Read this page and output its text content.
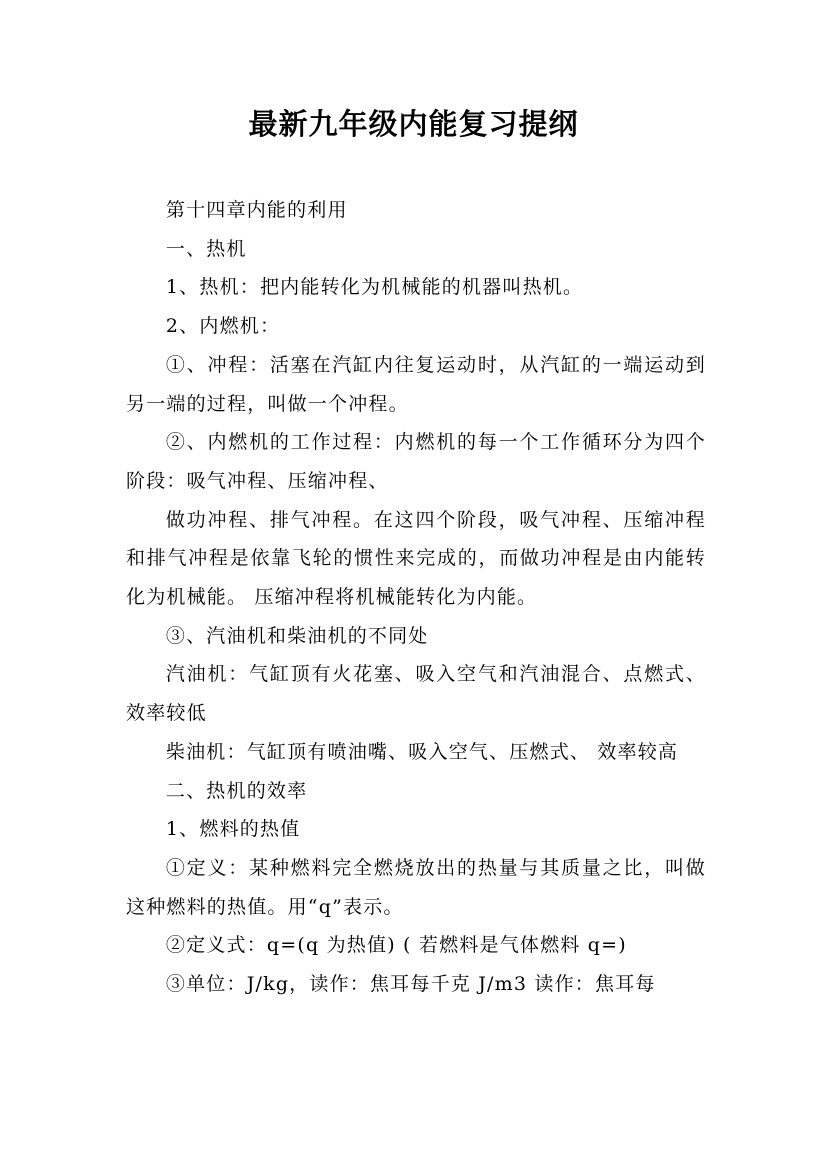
最新九年级内能复习提纲

第十四章内能的利用

一、热机

1、热机：把内能转化为机械能的机器叫热机。

2、内燃机：

①、冲程：活塞在汽缸内往复运动时，从汽缸的一端运动到另一端的过程，叫做一个冲程。

②、内燃机的工作过程：内燃机的每一个工作循环分为四个阶段：吸气冲程、压缩冲程、

做功冲程、排气冲程。在这四个阶段，吸气冲程、压缩冲程和排气冲程是依靠飞轮的惯性来完成的，而做功冲程是由内能转化为机械能。 压缩冲程将机械能转化为内能。

③、汽油机和柴油机的不同处

汽油机：气缸顶有火花塞、吸入空气和汽油混合、点燃式、效率较低

柴油机：气缸顶有喷油嘴、吸入空气、压燃式、 效率较高

二、热机的效率

1、燃料的热值

①定义：某种燃料完全燃烧放出的热量与其质量之比，叫做这种燃料的热值。用“q”表示。

②定义式：q=(q 为热值) ( 若燃料是气体燃料 q=)

③单位：J/kg，读作：焦耳每千克 J/m3 读作：焦耳每
